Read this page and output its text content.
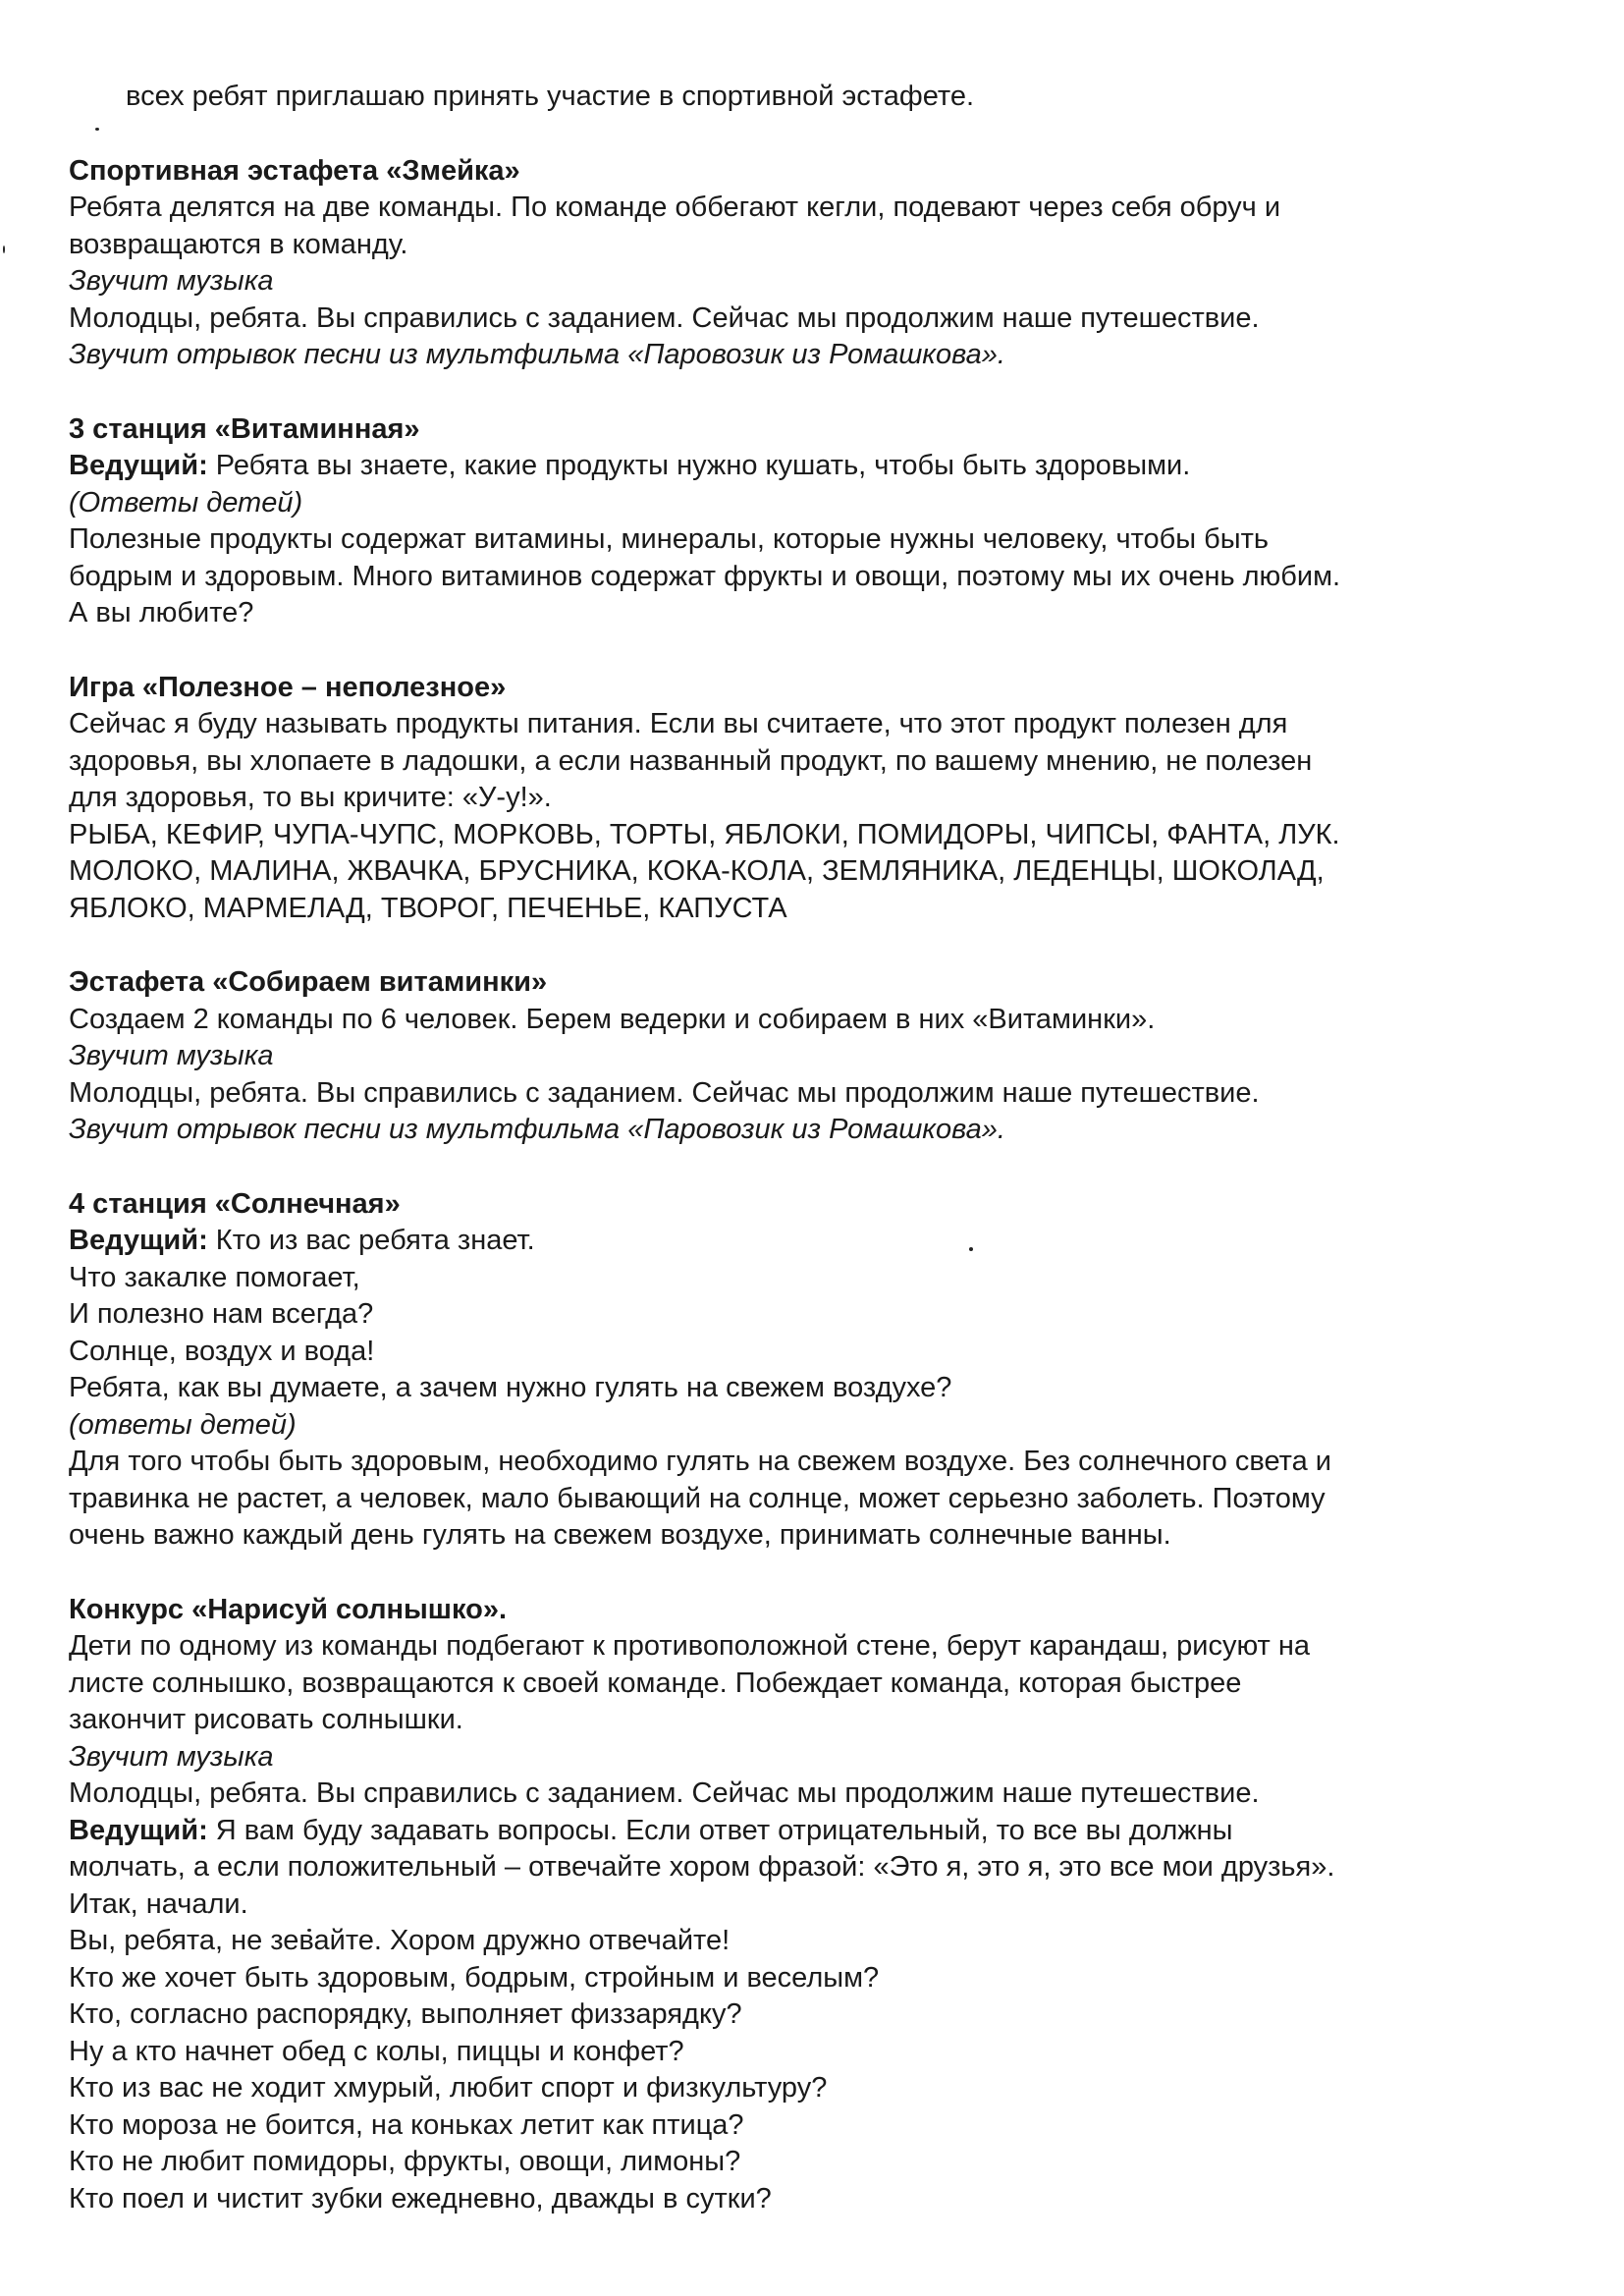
всех ребят приглашаю принять участие в спортивной эстафете.
Спортивная эстафета «Змейка»
Ребята делятся на две команды. По команде оббегают кегли, подевают через себя обруч и
возвращаются в команду.
Звучит музыка
Молодцы, ребята. Вы справились с заданием. Сейчас мы продолжим наше путешествие.
Звучит отрывок песни из мультфильма «Паровозик из Ромашкова».
3 станция «Витаминная»
Ведущий: Ребята вы знаете, какие продукты нужно кушать, чтобы быть здоровыми.
(Ответы детей)
Полезные продукты содержат витамины, минералы, которые нужны человеку, чтобы быть
бодрым и здоровым. Много витаминов содержат фрукты и овощи, поэтому мы их очень любим.
А вы любите?
Игра «Полезное – неполезное»
Сейчас я буду называть продукты питания. Если вы считаете, что этот продукт полезен для
здоровья, вы хлопаете в ладошки, а если названный продукт, по вашему мнению, не полезен
для здоровья, то вы кричите: «У-у!».
РЫБА, КЕФИР, ЧУПА-ЧУПС, МОРКОВЬ, ТОРТЫ, ЯБЛОКИ, ПОМИДОРЫ, ЧИПСЫ, ФАНТА, ЛУК.
МОЛОКО, МАЛИНА, ЖВАЧКА, БРУСНИКА, КОКА-КОЛА, ЗЕМЛЯНИКА, ЛЕДЕНЦЫ, ШОКОЛАД,
ЯБЛОКО, МАРМЕЛАД, ТВОРОГ, ПЕЧЕНЬЕ, КАПУСТА
Эстафета «Собираем витаминки»
Создаем 2 команды по 6 человек. Берем ведерки и собираем в них «Витаминки».
Звучит музыка
Молодцы, ребята. Вы справились с заданием. Сейчас мы продолжим наше путешествие.
Звучит отрывок песни из мультфильма «Паровозик из Ромашкова».
4 станция «Солнечная»
Ведущий: Кто из вас ребята знает.
Что закалке помогает,
И полезно нам всегда?
Солнце, воздух и вода!
Ребята, как вы думаете, а зачем нужно гулять на свежем воздухе?
(ответы детей)
Для того чтобы быть здоровым, необходимо гулять на свежем воздухе. Без солнечного света и
травинка не растет, а человек, мало бывающий на солнце, может серьезно заболеть. Поэтому
очень важно каждый день гулять на свежем воздухе, принимать солнечные ванны.
Конкурс «Нарисуй солнышко».
Дети по одному из команды подбегают к противоположной стене, берут карандаш, рисуют на
листе солнышко, возвращаются к своей команде. Побеждает команда, которая быстрее
закончит рисовать солнышки.
Звучит музыка
Молодцы, ребята. Вы справились с заданием. Сейчас мы продолжим наше путешествие.
Ведущий: Я вам буду задавать вопросы. Если ответ отрицательный, то все вы должны
молчать, а если положительный – отвечайте хором фразой: «Это я, это я, это все мои друзья».
Итак, начали.
Вы, ребята, не зевайте. Хором дружно отвечайте!
Кто же хочет быть здоровым, бодрым, стройным и веселым?
Кто, согласно распорядку, выполняет физзарядку?
Ну а кто начнет обед с колы, пиццы и конфет?
Кто из вас не ходит хмурый, любит спорт и физкультуру?
Кто мороза не боится, на коньках летит как птица?
Кто не любит помидоры, фрукты, овощи, лимоны?
Кто поел и чистит зубки ежедневно, дважды в сутки?
